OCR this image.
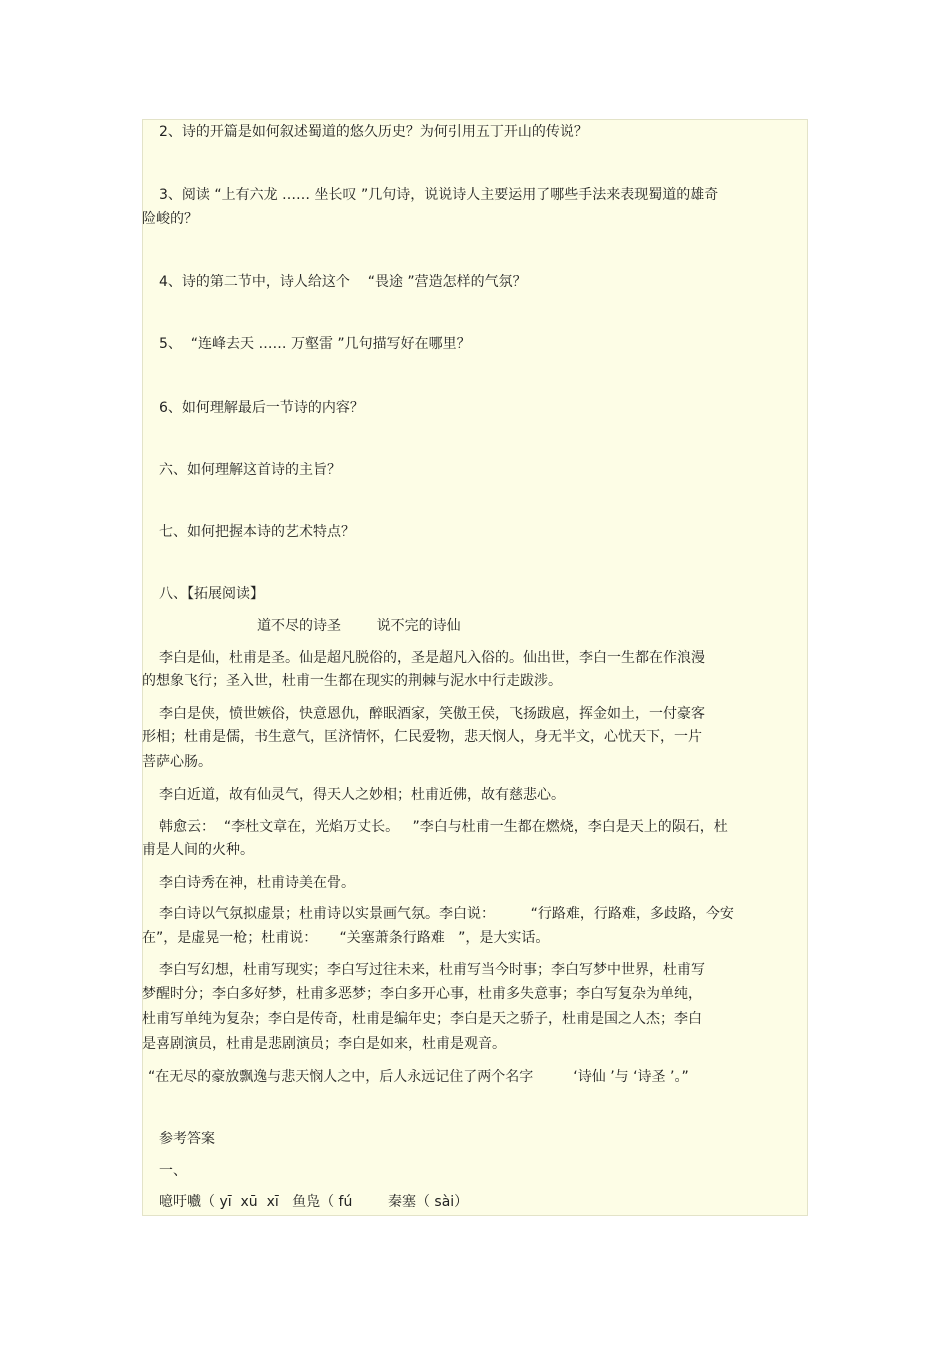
2、诗的开篇是如何叙述蜀道的悠久历史？为何引用五丁开山的传说？

3、阅读 “上有六龙 …… 坐长叹 ”几句诗，说说诗人主要运用了哪些手法来表现蜀道的雄奇

险峻的？

4、诗的第二节中，诗人给这个    “畏途 ”营造怎样的气氛？

5、  “连峰去天 …… 万壑雷 ”几句描写好在哪里？

6、如何理解最后一节诗的内容？

六、如何理解这首诗的主旨？

七、如何把握本诗的艺术特点？

八、【拓展阅读】

道不尽的诗圣        说不完的诗仙

李白是仙，杜甫是圣。仙是超凡脱俗的，圣是超凡入俗的。仙出世，李白一生都在作浪漫

的想象飞行；圣入世，杜甫一生都在现实的荆棘与泥水中行走跋涉。

李白是侠，愤世嫉俗，快意恩仇，醉眠酒家，笑傲王侯，飞扬跋扈，挥金如土，一付豪客

形相；杜甫是儒，书生意气，匡济情怀，仁民爱物，悲天悯人，身无半文，心忧天下，一片

菩萨心肠。

李白近道，故有仙灵气，得天人之妙相；杜甫近佛，故有慈悲心。

韩愈云：  “李杜文章在，光焰万丈长。   ”李白与杜甫一生都在燃烧，李白是天上的陨石，杜

甫是人间的火种。

李白诗秀在神，杜甫诗美在骨。

李白诗以气氛拟虚景；杜甫诗以实景画气氛。李白说：        “行路难，行路难，多歧路，今安

在”，是虚晃一枪；杜甫说：     “关塞萧条行路难   ”，是大实话。

李白写幻想，杜甫写现实；李白写过往未来，杜甫写当今时事；李白写梦中世界，杜甫写

梦醒时分；李白多好梦，杜甫多恶梦；李白多开心事，杜甫多失意事；李白写复杂为单纯，

杜甫写单纯为复杂；李白是传奇，杜甫是编年史；李白是天之骄子，杜甫是国之人杰；李白

是喜剧演员，杜甫是悲剧演员；李白是如来，杜甫是观音。

“在无尽的豪放飘逸与悲天悯人之中，后人永远记住了两个名字         ‘诗仙 ’与 ‘诗圣 ’。”

参考答案

一、

噫吁嚱（ yī  xū  xī   鱼凫（ fú        秦塞（ sài）
